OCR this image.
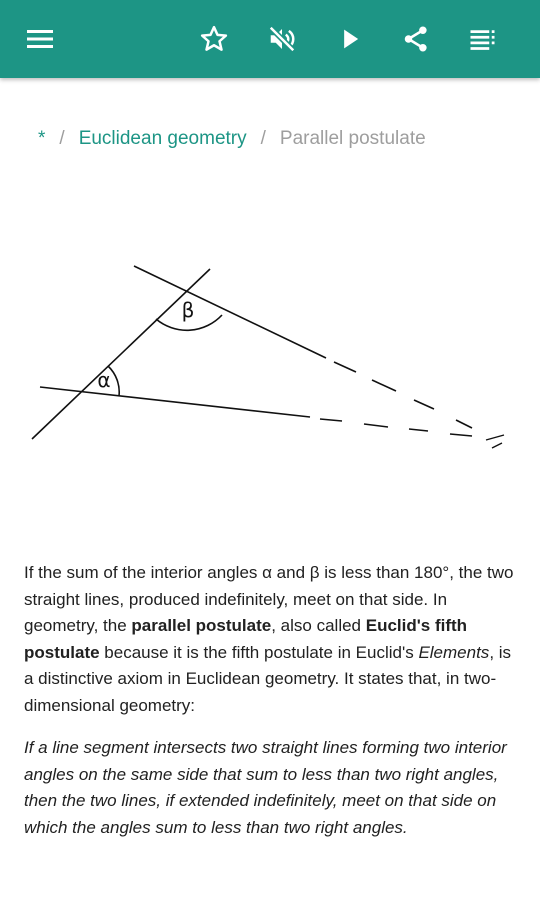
* / Euclidean geometry / Parallel postulate
β
α

If the sum of the interior angles α and β is less than 180°, the two straight lines, produced indefinitely, meet on that side. In geometry, the parallel postulate, also called Euclid's fifth postulate because it is the fifth postulate in Euclid's Elements, is a distinctive axiom in Euclidean geometry. It states that, in two-dimensional geometry:

If a line segment intersects two straight lines forming two interior angles on the same side that sum to less than two right angles, then the two lines, if extended indefinitely, meet on that side on which the angles sum to less than two right angles.
